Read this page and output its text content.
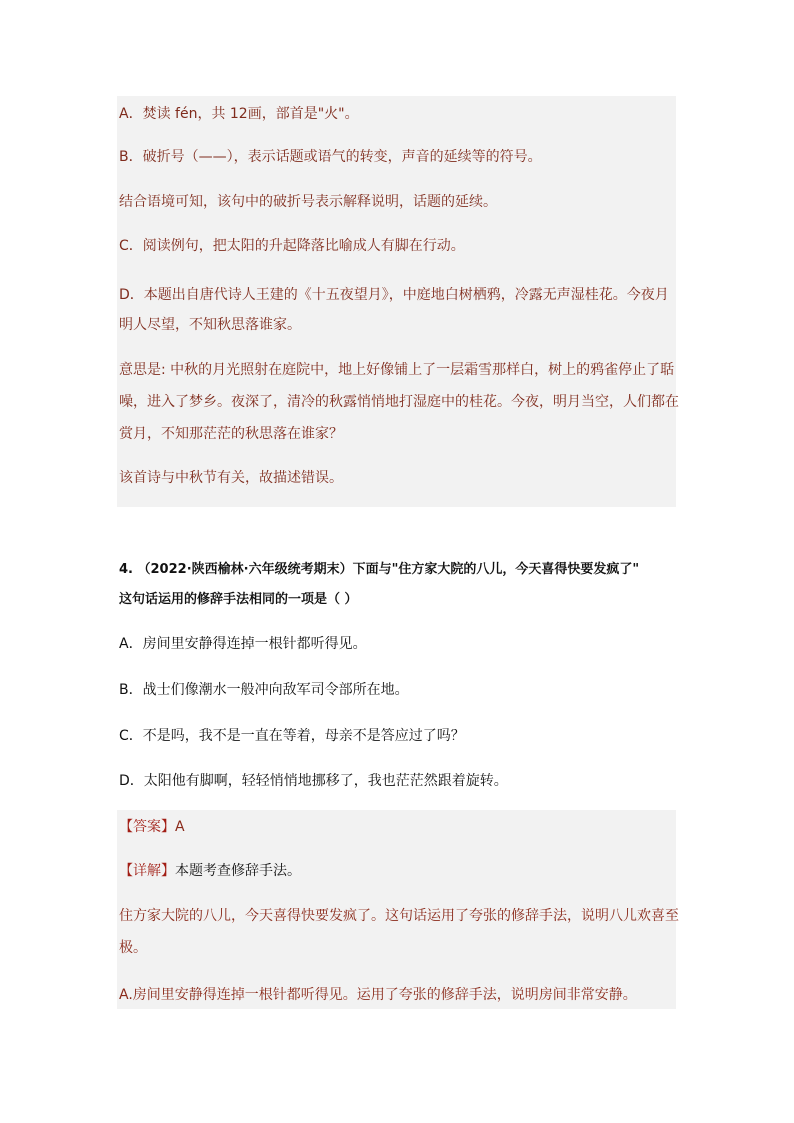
A．焚读 fén，共 12画，部首是"火"。
B．破折号（——），表示话题或语气的转变，声音的延续等的符号。
结合语境可知，该句中的破折号表示解释说明，话题的延续。
C．阅读例句，把太阳的升起降落比喻成人有脚在行动。
D．本题出自唐代诗人王建的《十五夜望月》，中庭地白树栖鸦，冷露无声湿桂花。今夜月
明人尽望，不知秋思落谁家。
意思是: 中秋的月光照射在庭院中，地上好像铺上了一层霜雪那样白，树上的鸦雀停止了聒
噪，进入了梦乡。夜深了，清冷的秋露悄悄地打湿庭中的桂花。今夜，明月当空，人们都在
赏月，不知那茫茫的秋思落在谁家？
该首诗与中秋节有关，故描述错误。
4. （2022·陕西榆林·六年级统考期末）下面与"住方家大院的八儿，今天喜得快要发疯了"
这句话运用的修辞手法相同的一项是（ ）
A．房间里安静得连掉一根针都听得见。
B．战士们像潮水一般冲向敌军司令部所在地。
C．不是吗，我不是一直在等着，母亲不是答应过了吗？
D．太阳他有脚啊，轻轻悄悄地挪移了，我也茫茫然跟着旋转。
【答案】A
【详解】本题考查修辞手法。
住方家大院的八儿，今天喜得快要发疯了。这句话运用了夸张的修辞手法，说明八儿欢喜至
极。
A.房间里安静得连掉一根针都听得见。运用了夸张的修辞手法，说明房间非常安静。
